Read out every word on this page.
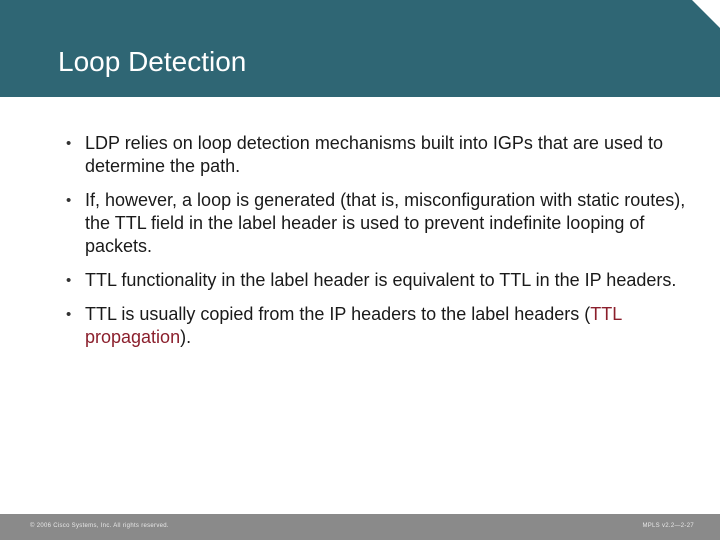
Loop Detection
• LDP relies on loop detection mechanisms built into IGPs that are used to determine the path.
• If, however, a loop is generated (that is, misconfiguration with static routes), the TTL field in the label header is used to prevent indefinite looping of packets.
• TTL functionality in the label header is equivalent to TTL in the IP headers.
• TTL is usually copied from the IP headers to the label headers (TTL propagation).
© 2006 Cisco Systems, Inc. All rights reserved.	MPLS v2.2—2-27
